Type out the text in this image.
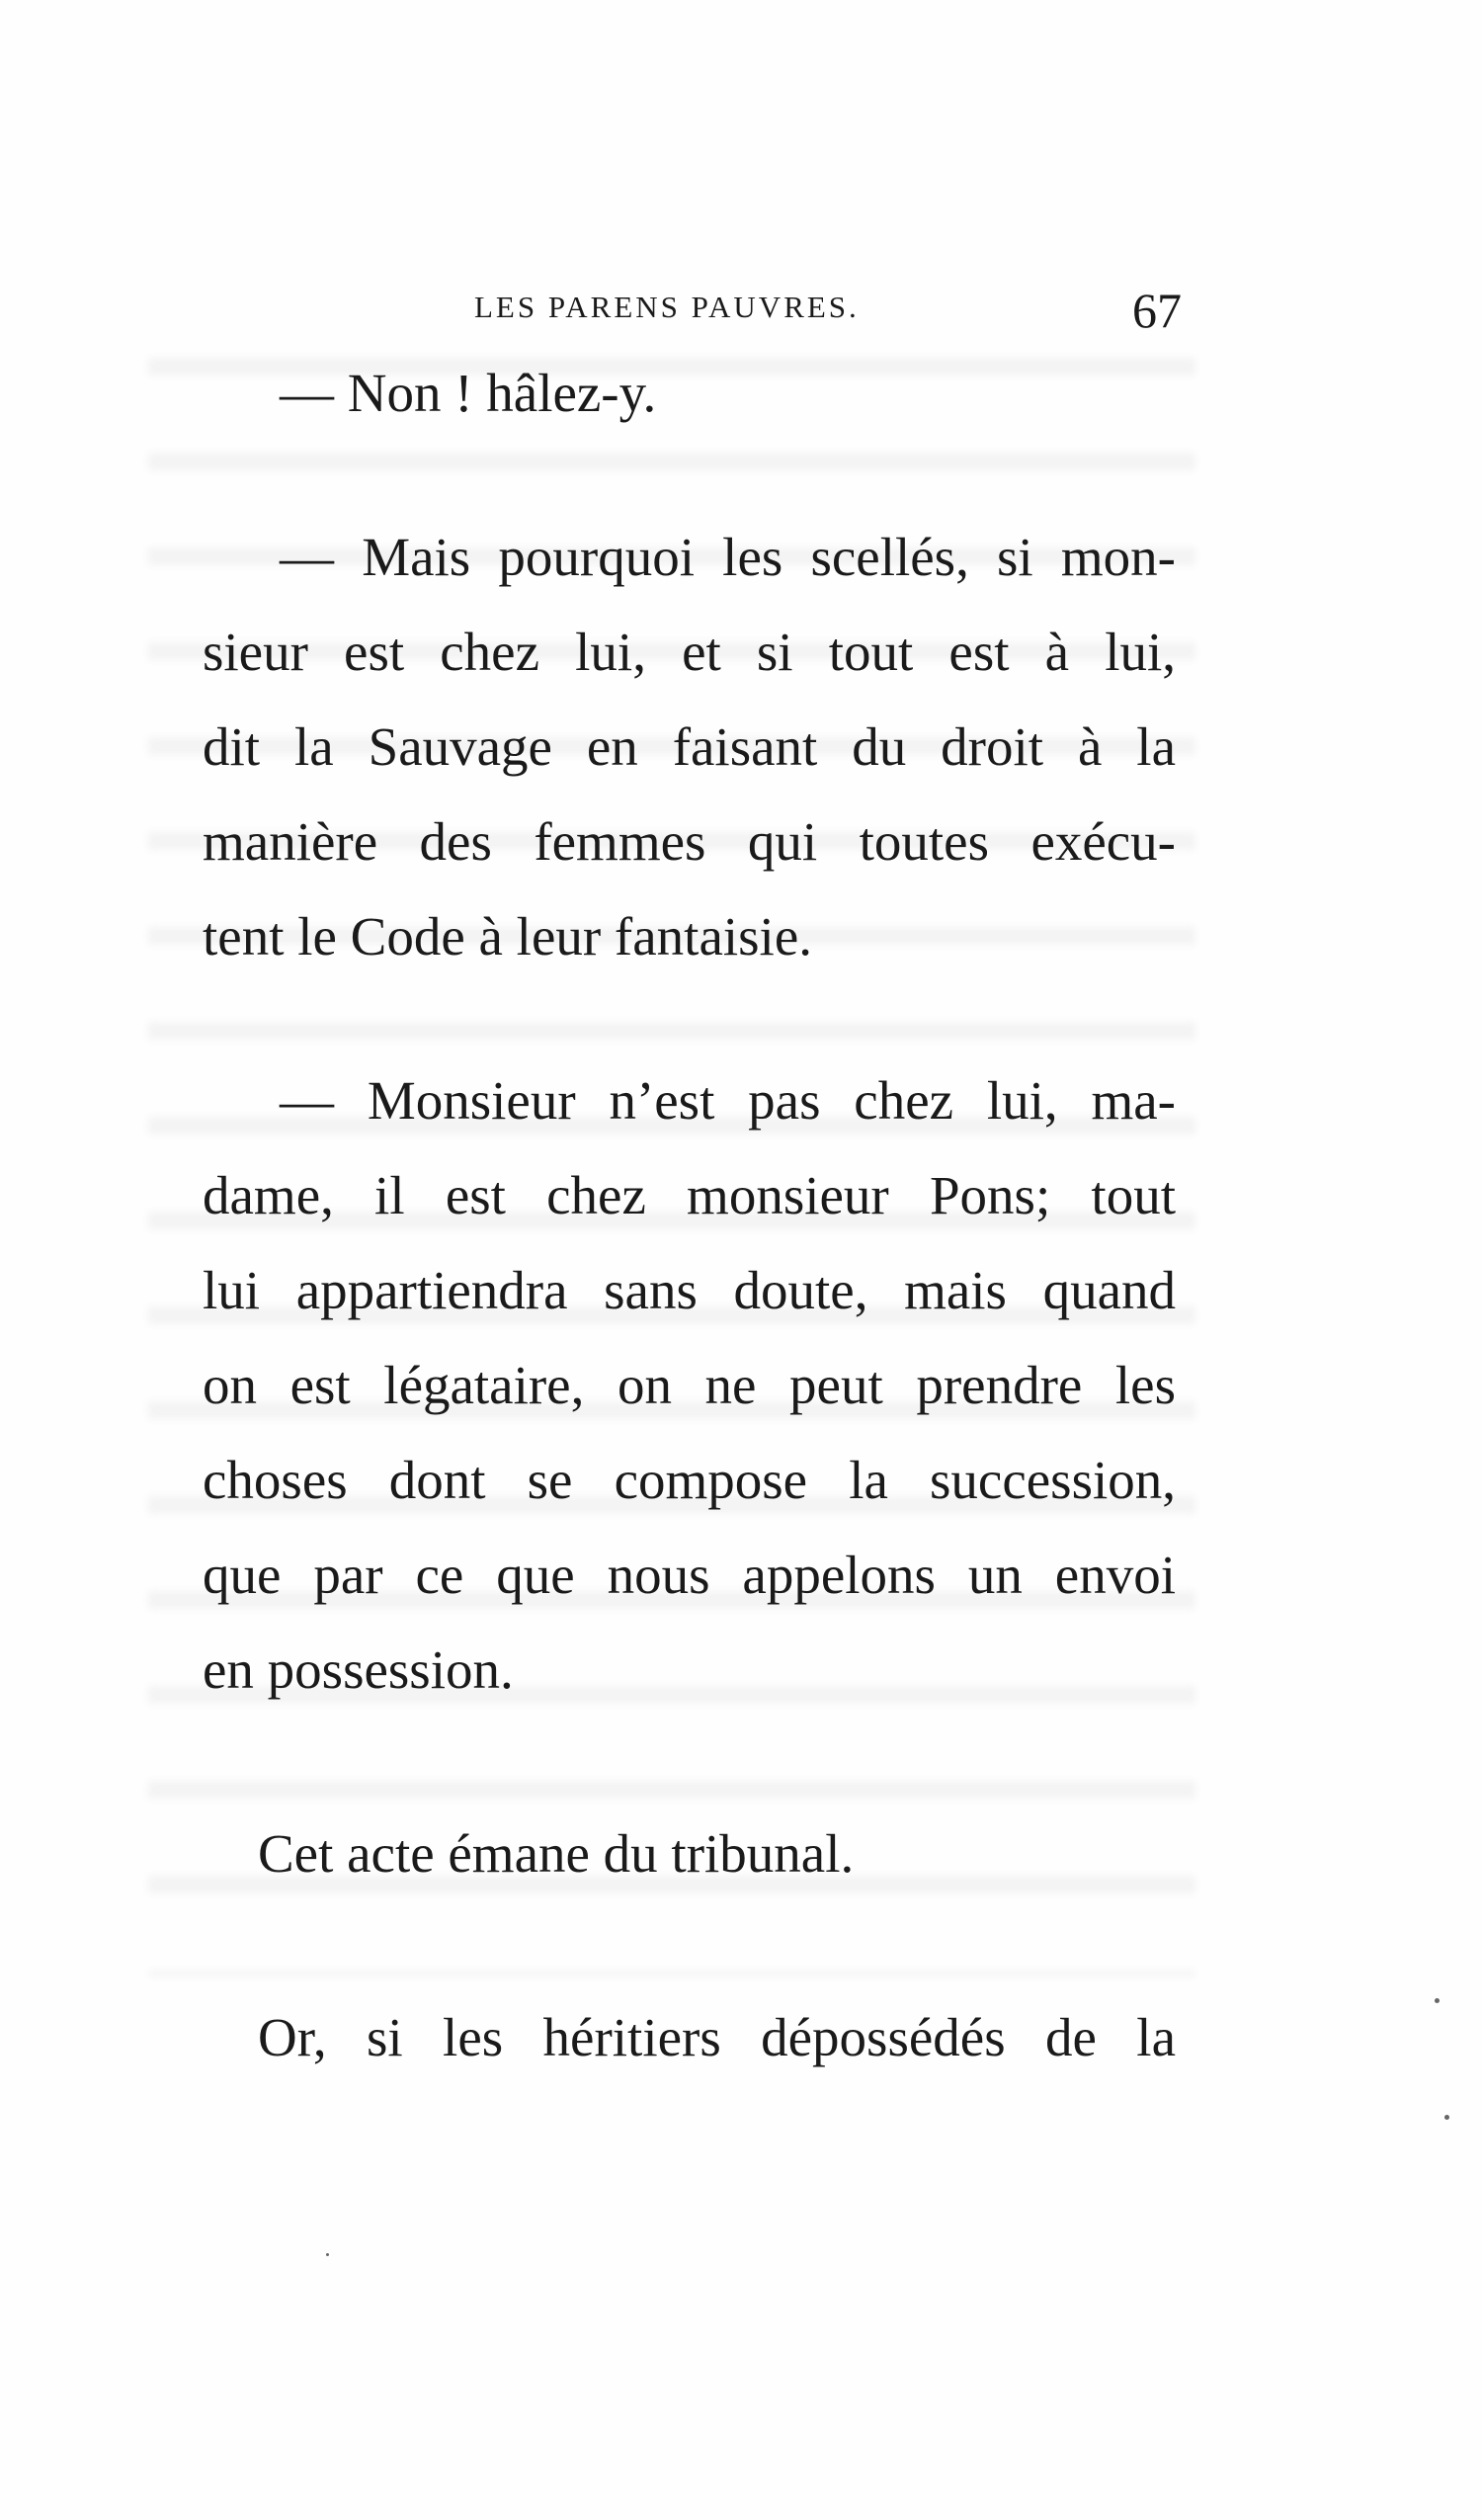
LES PARENS PAUVRES.	67
— Non ! hâlez-y.
— Mais pourquoi les scellés, si mon-
sieur est chez lui, et si tout est à lui,
dit la Sauvage en faisant du droit à la
manière des femmes qui toutes exécu-
tent le Code à leur fantaisie.
— Monsieur n’est pas chez lui, ma-
dame, il est chez monsieur Pons; tout
lui appartiendra sans doute, mais quand
on est légataire, on ne peut prendre les
choses dont se compose la succession,
que par ce que nous appelons un envoi
en possession.
Cet acte émane du tribunal.
Or, si les héritiers dépossédés de la
